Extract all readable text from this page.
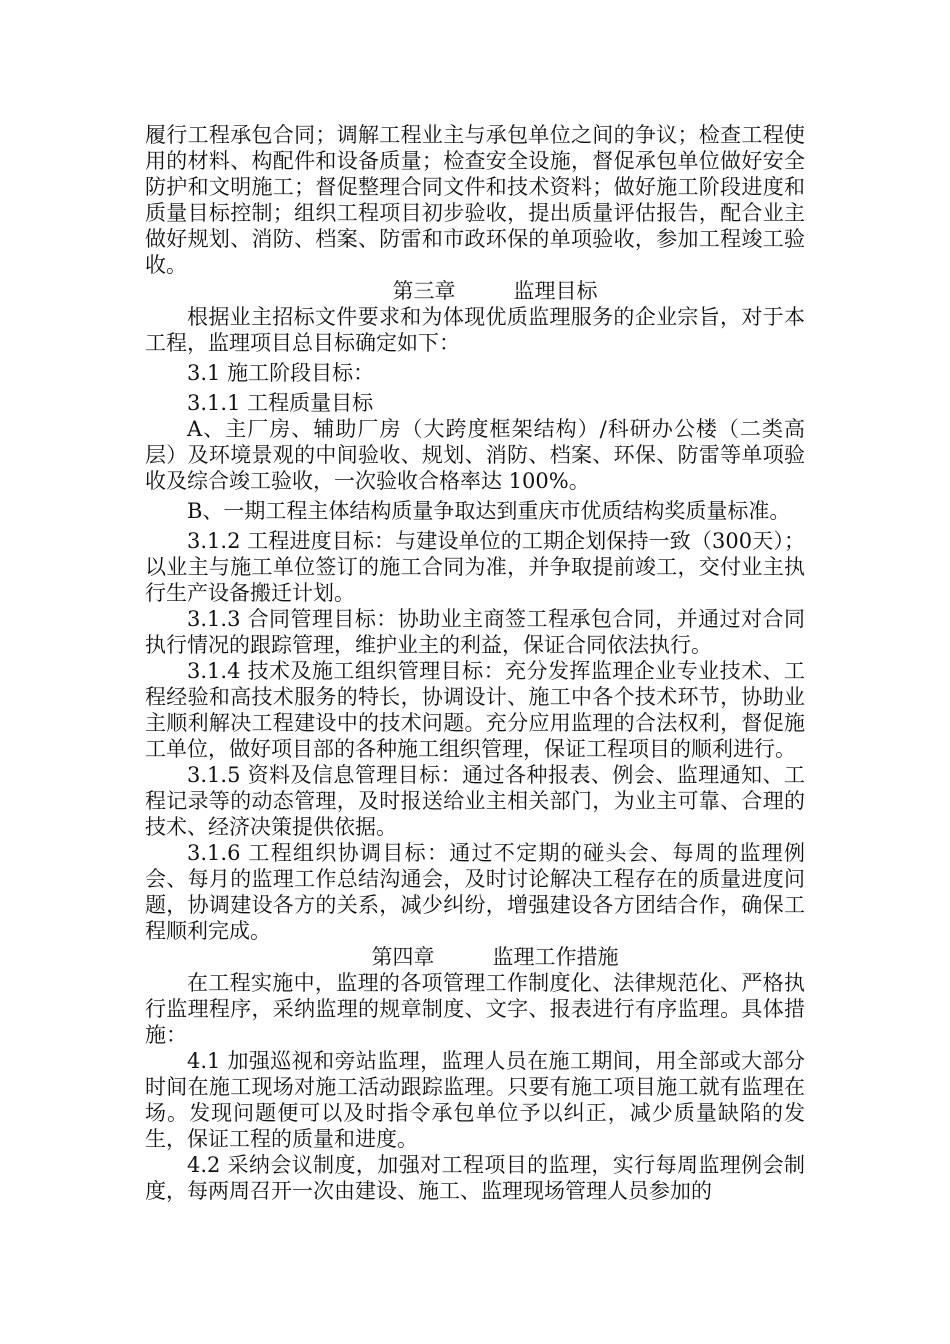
履行工程承包合同；调解工程业主与承包单位之间的争议；检查工程使用的材料、构配件和设备质量；检查安全设施，督促承包单位做好安全防护和文明施工；督促整理合同文件和技术资料；做好施工阶段进度和质量目标控制；组织工程项目初步验收，提出质量评估报告，配合业主做好规划、消防、档案、防雷和市政环保的单项验收，参加工程竣工验收。

第三章	监理目标

根据业主招标文件要求和为体现优质监理服务的企业宗旨，对于本工程，监理项目总目标确定如下：

3.1 施工阶段目标：

3.1.1 工程质量目标

A、主厂房、辅助厂房（大跨度框架结构）/科研办公楼（二类高层）及环境景观的中间验收、规划、消防、档案、环保、防雷等单项验收及综合竣工验收，一次验收合格率达 100%。

B、一期工程主体结构质量争取达到重庆市优质结构奖质量标准。

3.1.2 工程进度目标：与建设单位的工期企划保持一致（300天）；以业主与施工单位签订的施工合同为准，并争取提前竣工，交付业主执行生产设备搬迁计划。

3.1.3 合同管理目标：协助业主商签工程承包合同，并通过对合同执行情况的跟踪管理，维护业主的利益，保证合同依法执行。

3.1.4 技术及施工组织管理目标：充分发挥监理企业专业技术、工程经验和高技术服务的特长，协调设计、施工中各个技术环节，协助业主顺利解决工程建设中的技术问题。充分应用监理的合法权利，督促施工单位，做好项目部的各种施工组织管理，保证工程项目的顺利进行。

3.1.5 资料及信息管理目标：通过各种报表、例会、监理通知、工程记录等的动态管理，及时报送给业主相关部门，为业主可靠、合理的技术、经济决策提供依据。

3.1.6 工程组织协调目标：通过不定期的碰头会、每周的监理例会、每月的监理工作总结沟通会，及时讨论解决工程存在的质量进度问题，协调建设各方的关系，减少纠纷，增强建设各方团结合作，确保工程顺利完成。

第四章	监理工作措施

在工程实施中，监理的各项管理工作制度化、法律规范化、严格执行监理程序，采纳监理的规章制度、文字、报表进行有序监理。具体措施：

4.1 加强巡视和旁站监理，监理人员在施工期间，用全部或大部分时间在施工现场对施工活动跟踪监理。只要有施工项目施工就有监理在场。发现问题便可以及时指令承包单位予以纠正，减少质量缺陷的发生，保证工程的质量和进度。

4.2 采纳会议制度，加强对工程项目的监理，实行每周监理例会制度，每两周召开一次由建设、施工、监理现场管理人员参加的
